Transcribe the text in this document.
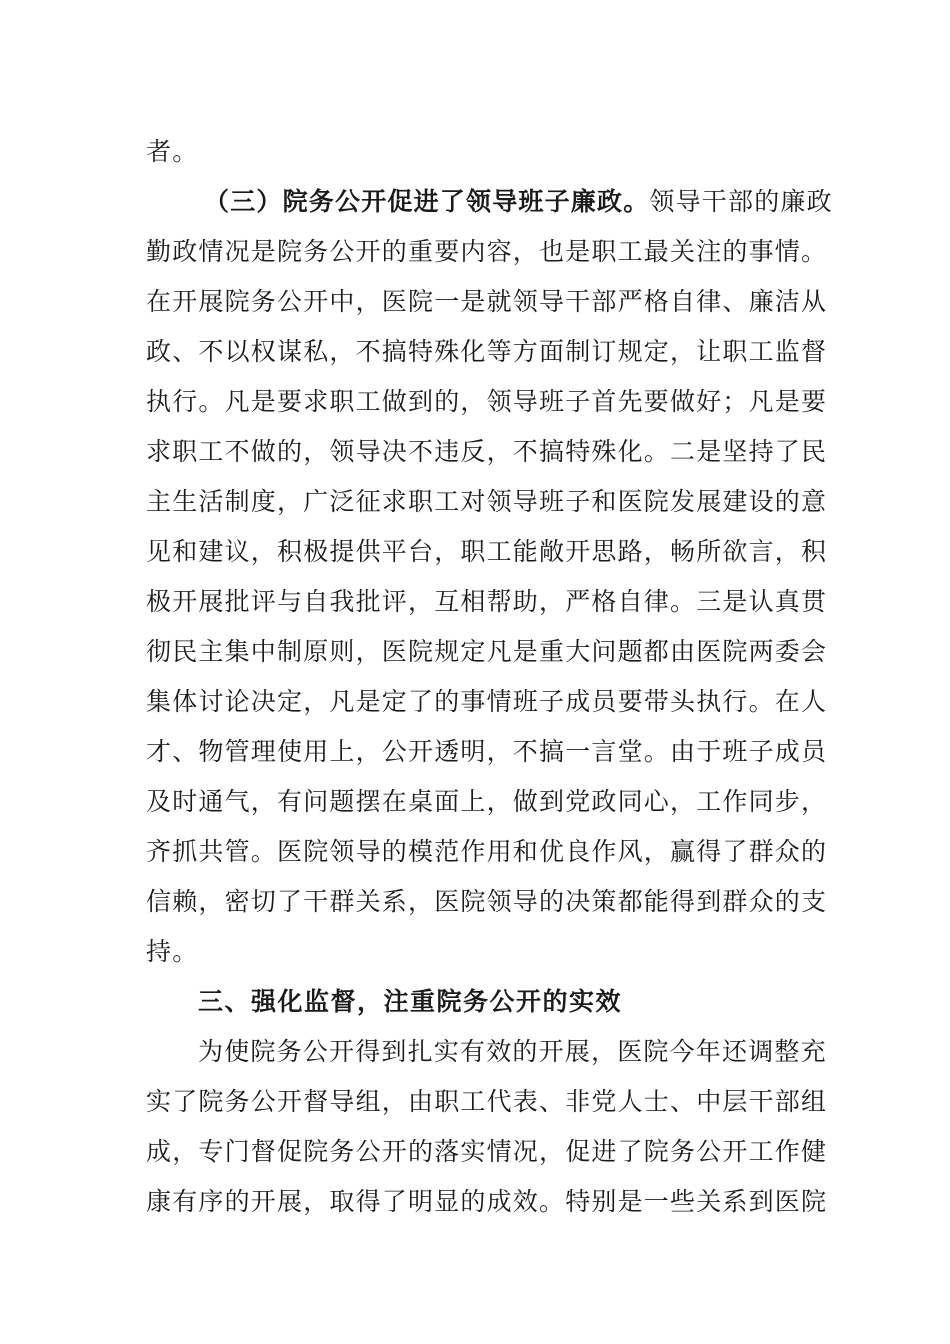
者。
（三）院务公开促进了领导班子廉政。领导干部的廉政
勤政情况是院务公开的重要内容，也是职工最关注的事情。
在开展院务公开中，医院一是就领导干部严格自律、廉洁从
政、不以权谋私，不搞特殊化等方面制订规定，让职工监督
执行。凡是要求职工做到的，领导班子首先要做好；凡是要
求职工不做的，领导决不违反，不搞特殊化。二是坚持了民
主生活制度，广泛征求职工对领导班子和医院发展建设的意
见和建议，积极提供平台，职工能敞开思路，畅所欲言，积
极开展批评与自我批评，互相帮助，严格自律。三是认真贯
彻民主集中制原则，医院规定凡是重大问题都由医院两委会
集体讨论决定，凡是定了的事情班子成员要带头执行。在人
才、物管理使用上，公开透明，不搞一言堂。由于班子成员
及时通气，有问题摆在桌面上，做到党政同心，工作同步，
齐抓共管。医院领导的模范作用和优良作风，赢得了群众的
信赖，密切了干群关系，医院领导的决策都能得到群众的支
持。
三、强化监督，注重院务公开的实效
为使院务公开得到扎实有效的开展，医院今年还调整充
实了院务公开督导组，由职工代表、非党人士、中层干部组
成，专门督促院务公开的落实情况，促进了院务公开工作健
康有序的开展，取得了明显的成效。特别是一些关系到医院
